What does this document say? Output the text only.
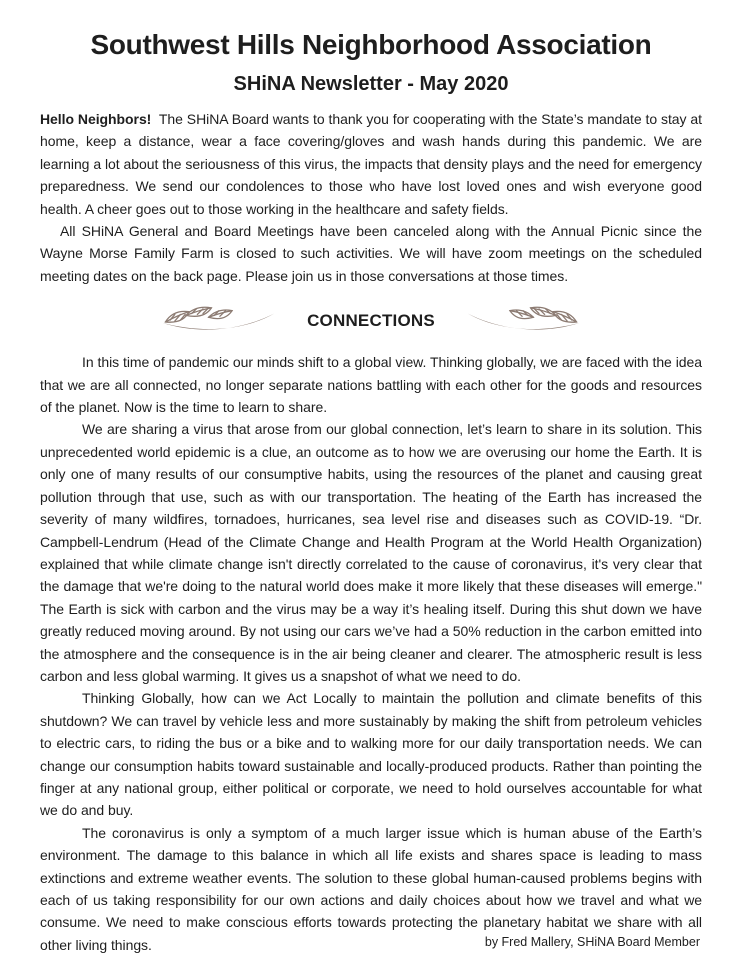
Southwest Hills Neighborhood Association
SHiNA Newsletter - May 2020

Hello Neighbors!  The SHiNA Board wants to thank you for cooperating with the State’s mandate to stay at home, keep a distance, wear a face covering/gloves and wash hands during this pandemic. We are learning a lot about the seriousness of this virus, the impacts that density plays and the need for emergency preparedness. We send our condolences to those who have lost loved ones and wish everyone good health. A cheer goes out to those working in the healthcare and safety fields.

All SHiNA General and Board Meetings have been canceled along with the Annual Picnic since the Wayne Morse Family Farm is closed to such activities. We will have zoom meetings on the scheduled meeting dates on the back page. Please join us in those conversations at those times.

CONNECTIONS

In this time of pandemic our minds shift to a global view. Thinking globally, we are faced with the idea that we are all connected, no longer separate nations battling with each other for the goods and resources of the planet. Now is the time to learn to share.

We are sharing a virus that arose from our global connection, let’s learn to share in its solution. This unprecedented world epidemic is a clue, an outcome as to how we are overusing our home the Earth. It is only one of many results of our consumptive habits, using the resources of the planet and causing great pollution through that use, such as with our transportation. The heating of the Earth has increased the severity of many wildfires, tornadoes, hurricanes, sea level rise and diseases such as COVID-19. “Dr. Campbell-Lendrum (Head of the Climate Change and Health Program at the World Health Organization) explained that while climate change isn't directly correlated to the cause of coronavirus, it's very clear that the damage that we're doing to the natural world does make it more likely that these diseases will emerge." The Earth is sick with carbon and the virus may be a way it’s healing itself. During this shut down we have greatly reduced moving around. By not using our cars we’ve had a 50% reduction in the carbon emitted into the atmosphere and the consequence is in the air being cleaner and clearer. The atmospheric result is less carbon and less global warming. It gives us a snapshot of what we need to do.

Thinking Globally, how can we Act Locally to maintain the pollution and climate benefits of this shutdown? We can travel by vehicle less and more sustainably by making the shift from petroleum vehicles to electric cars, to riding the bus or a bike and to walking more for our daily transportation needs. We can change our consumption habits toward sustainable and locally-produced products. Rather than pointing the finger at any national group, either political or corporate, we need to hold ourselves accountable for what we do and buy.

The coronavirus is only a symptom of a much larger issue which is human abuse of the Earth’s environment. The damage to this balance in which all life exists and shares space is leading to mass extinctions and extreme weather events. The solution to these global human-caused problems begins with each of us taking responsibility for our own actions and daily choices about how we travel and what we consume. We need to make conscious efforts towards protecting the planetary habitat we share with all other living things.	by Fred Mallery, SHiNA Board Member
